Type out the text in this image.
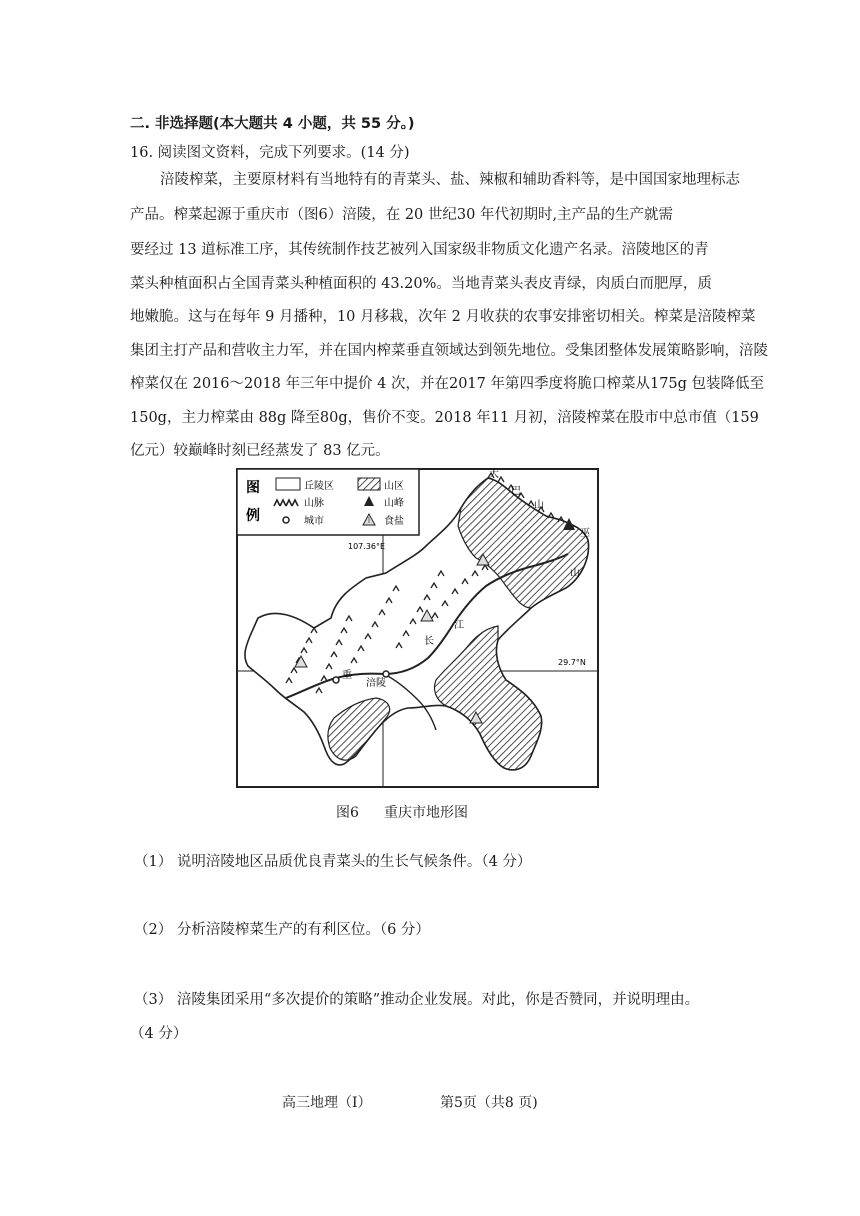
二. 非选择题(本大题共 4 小题，共 55 分。)
16. 阅读图文资料，完成下列要求。(14 分)
涪陵榨菜，主要原材料有当地特有的青菜头、盐、辣椒和辅助香料等，是中国国家地理标志
产品。榨菜起源于重庆市（图6）涪陵，在 20 世纪30 年代初期时,主产品的生产就需
要经过 13 道标准工序，其传统制作技艺被列入国家级非物质文化遗产名录。涪陵地区的青
菜头种植面积占全国青菜头种植面积的 43.20%。当地青菜头表皮青绿，肉质白而肥厚，质
地嫩脆。这与在每年 9 月播种，10 月移栽，次年 2 月收获的农事安排密切相关。榨菜是涪陵榨菜
集团主打产品和营收主力军，并在国内榨菜垂直领域达到领先地位。受集团整体发展策略影响，涪陵
榨菜仅在 2016～2018 年三年中提价 4 次，并在2017 年第四季度将脆口榨菜从175g 包装降低至
150g，主力榨菜由 88g 降至80g，售价不变。2018 年11 月初，涪陵榨菜在股市中总市值（159
亿元）较巅峰时刻已经蒸发了 83 亿元。
图
例
丘陵区	山区
山脉	山峰
城市	食盐
107.36°E
29.7°N
大
巴
山
巫
山
江
长
重
涪陵
图6 重庆市地形图
（1） 说明涪陵地区品质优良青菜头的生长气候条件。（4 分）
（2） 分析涪陵榨菜生产的有利区位。（6 分）
（3） 涪陵集团采用“多次提价的策略”推动企业发展。对此，你是否赞同，并说明理由。
（4 分）
高三地理（I）	第5页（共8 页)
